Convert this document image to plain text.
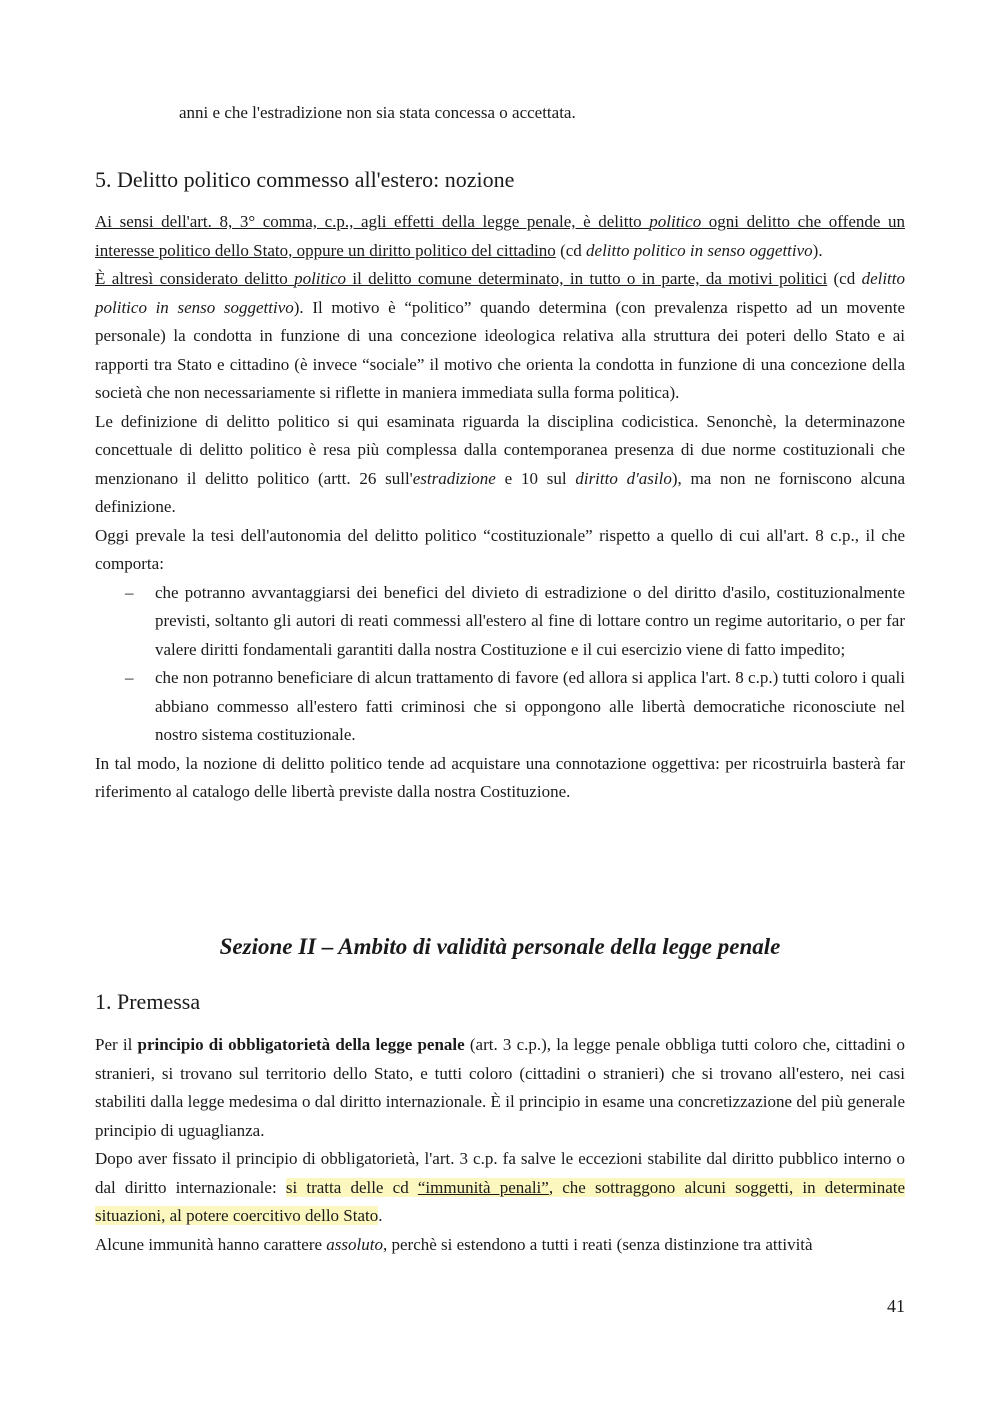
anni e che l'estradizione non sia stata concessa o accettata.

5. Delitto politico commesso all'estero: nozione

Ai sensi dell'art. 8, 3° comma, c.p., agli effetti della legge penale, è delitto politico ogni delitto che offende un interesse politico dello Stato, oppure un diritto politico del cittadino (cd delitto politico in senso oggettivo).

È altresì considerato delitto politico il delitto comune determinato, in tutto o in parte, da motivi politici (cd delitto politico in senso soggettivo). Il motivo è “politico” quando determina (con prevalenza rispetto ad un movente personale) la condotta in funzione di una concezione ideologica relativa alla struttura dei poteri dello Stato e ai rapporti tra Stato e cittadino (è invece “sociale” il motivo che orienta la condotta in funzione di una concezione della società che non necessariamente si riflette in maniera immediata sulla forma politica).

Le definizione di delitto politico si qui esaminata riguarda la disciplina codicistica. Senonchè, la determinazone concettuale di delitto politico è resa più complessa dalla contemporanea presenza di due norme costituzionali che menzionano il delitto politico (artt. 26 sull'estradizione e 10 sul diritto d'asilo), ma non ne forniscono alcuna definizione.

Oggi prevale la tesi dell'autonomia del delitto politico “costituzionale” rispetto a quello di cui all'art. 8 c.p., il che comporta:

– che potranno avvantaggiarsi dei benefici del divieto di estradizione o del diritto d'asilo, costituzionalmente previsti, soltanto gli autori di reati commessi all'estero al fine di lottare contro un regime autoritario, o per far valere diritti fondamentali garantiti dalla nostra Costituzione e il cui esercizio viene di fatto impedito;
– che non potranno beneficiare di alcun trattamento di favore (ed allora si applica l'art. 8 c.p.) tutti coloro i quali abbiano commesso all'estero fatti criminosi che si oppongono alle libertà democratiche riconosciute nel nostro sistema costituzionale.

In tal modo, la nozione di delitto politico tende ad acquistare una connotazione oggettiva: per ricostruirla basterà far riferimento al catalogo delle libertà previste dalla nostra Costituzione.

Sezione II – Ambito di validità personale della legge penale
1. Premessa

Per il principio di obbligatorietà della legge penale (art. 3 c.p.), la legge penale obbliga tutti coloro che, cittadini o stranieri, si trovano sul territorio dello Stato, e tutti coloro (cittadini o stranieri) che si trovano all'estero, nei casi stabiliti dalla legge medesima o dal diritto internazionale. È il principio in esame una concretizzazione del più generale principio di uguaglianza.

Dopo aver fissato il principio di obbligatorietà, l'art. 3 c.p. fa salve le eccezioni stabilite dal diritto pubblico interno o dal diritto internazionale: si tratta delle cd “immunità penali”, che sottraggono alcuni soggetti, in determinate situazioni, al potere coercitivo dello Stato.

Alcune immunità hanno carattere assoluto, perchè si estendono a tutti i reati (senza distinzione tra attività

41
